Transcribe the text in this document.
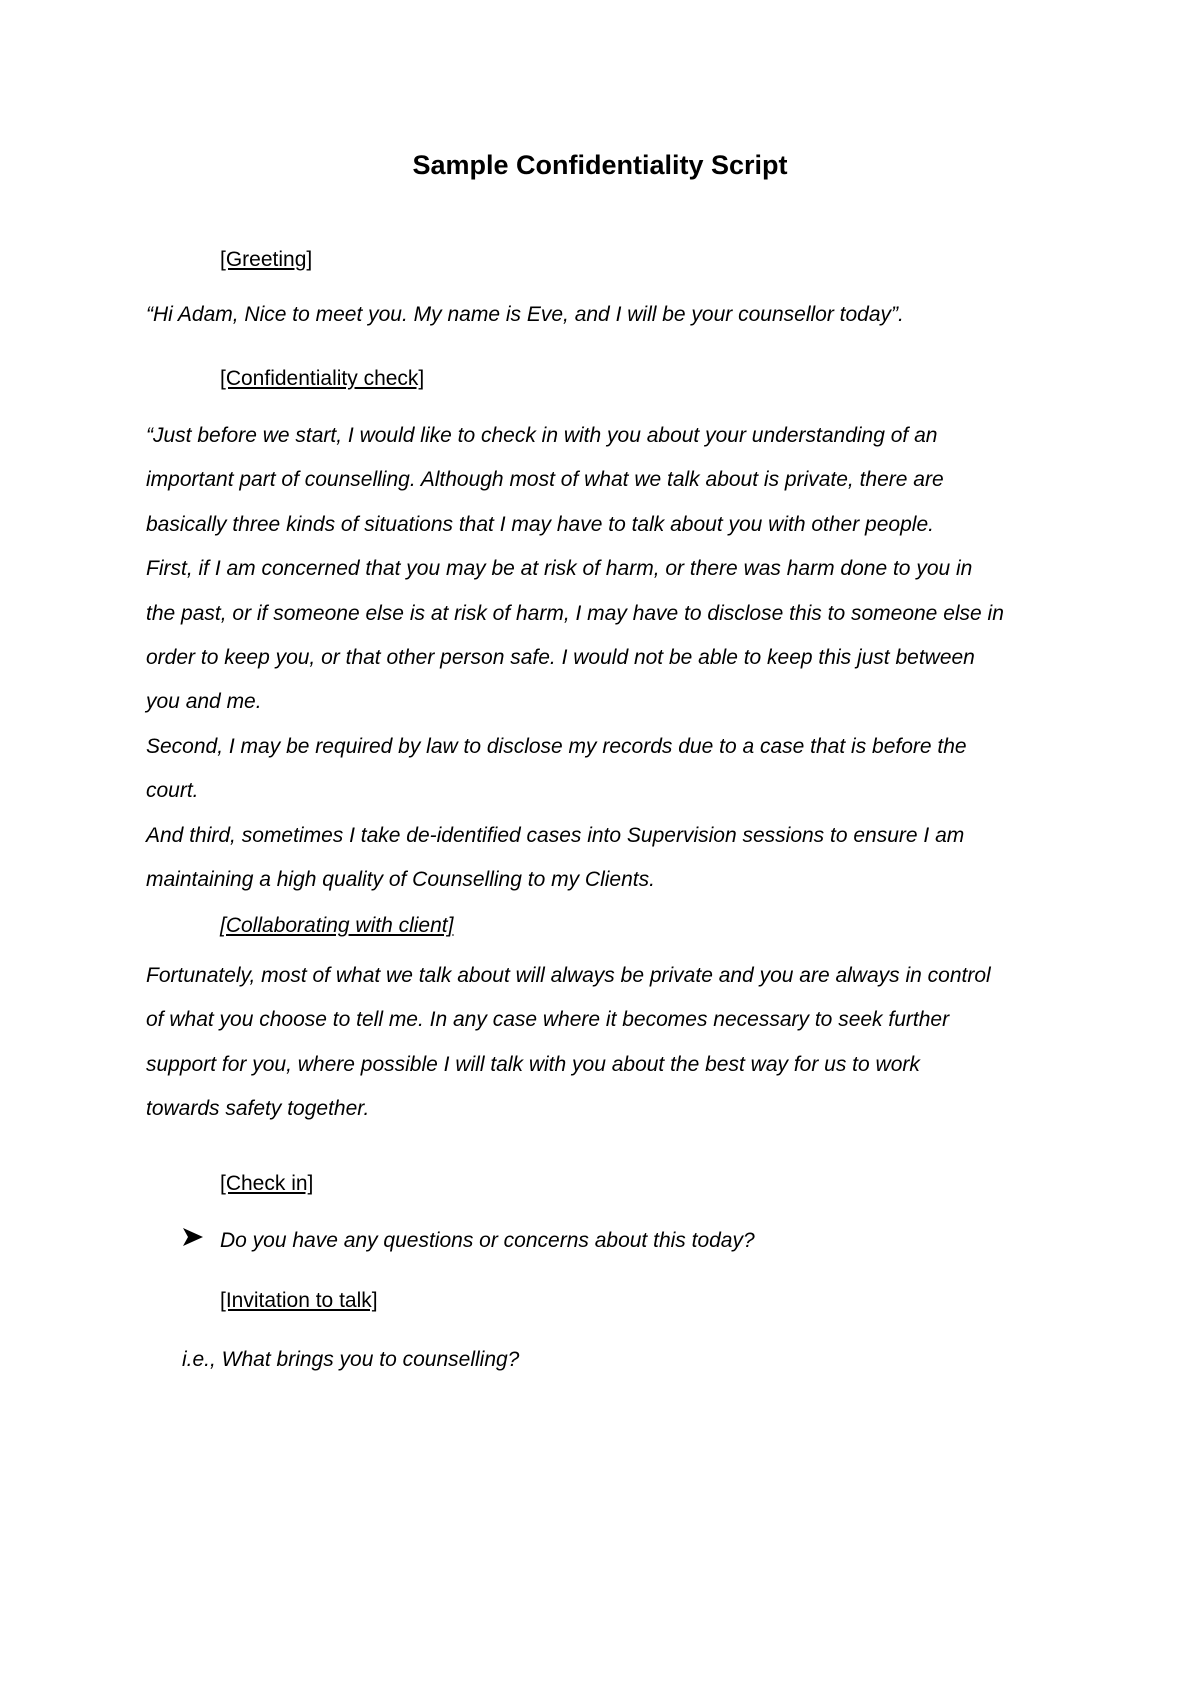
Sample Confidentiality Script
[Greeting]
“Hi Adam, Nice to meet you. My name is Eve, and I will be your counsellor today”.
[Confidentiality check]
“Just before we start, I would like to check in with you about your understanding of an
important part of counselling. Although most of what we talk about is private, there are
basically three kinds of situations that I may have to talk about you with other people.
First, if I am concerned that you may be at risk of harm, or there was harm done to you in
the past, or if someone else is at risk of harm, I may have to disclose this to someone else in
order to keep you, or that other person safe. I would not be able to keep this just between
you and me.
Second, I may be required by law to disclose my records due to a case that is before the
court.
And third, sometimes I take de-identified cases into Supervision sessions to ensure I am
maintaining a high quality of Counselling to my Clients.
[Collaborating with client]
Fortunately, most of what we talk about will always be private and you are always in control
of what you choose to tell me. In any case where it becomes necessary to seek further
support for you, where possible I will talk with you about the best way for us to work
towards safety together.
[Check in]
Do you have any questions or concerns about this today?
[Invitation to talk]
i.e., What brings you to counselling?
